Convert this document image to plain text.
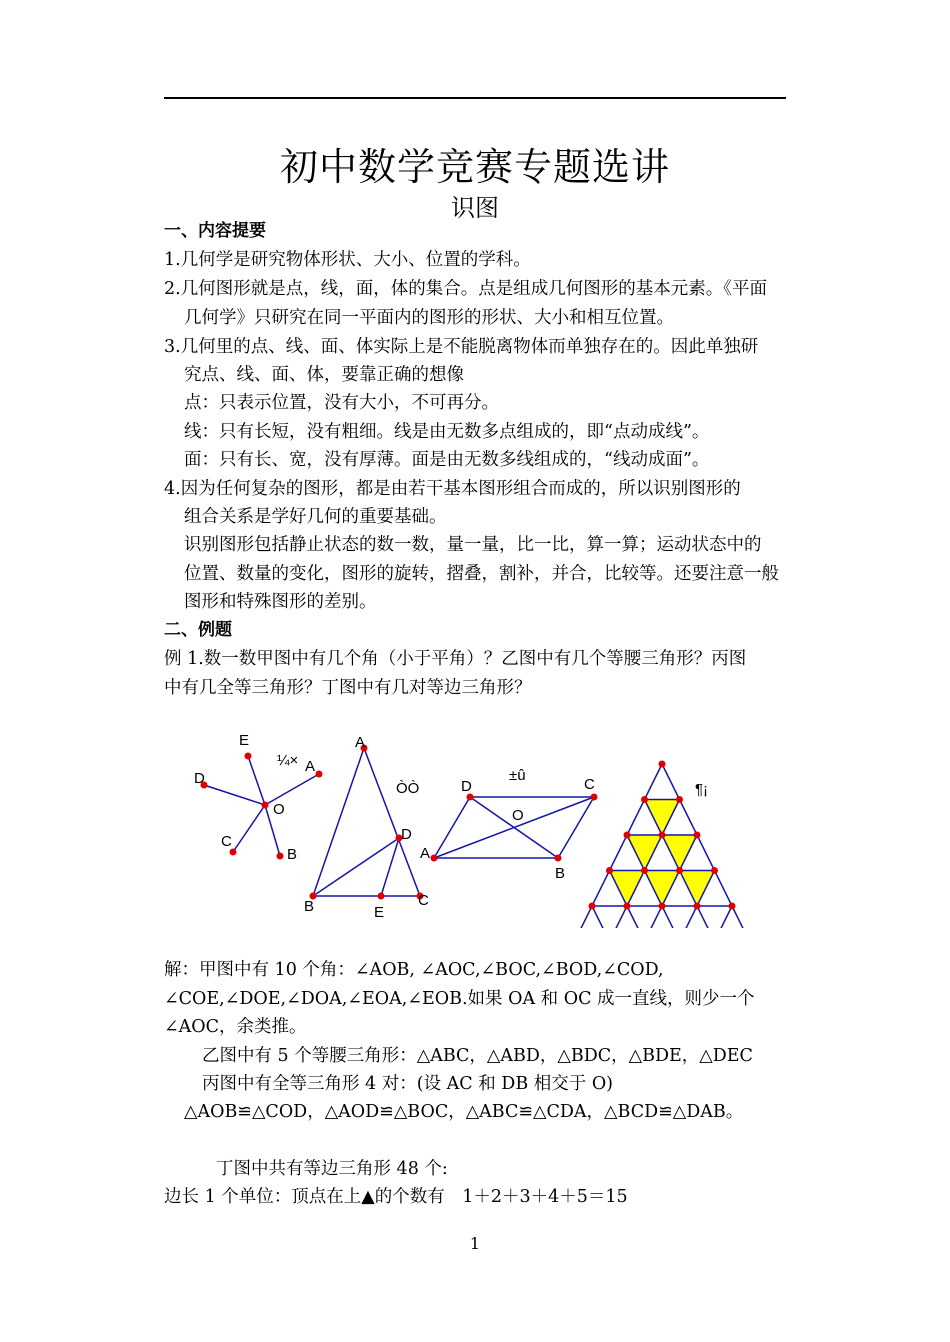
初中数学竞赛专题选讲
识图
一、内容提要
1.几何学是研究物体形状、大小、位置的学科。
2.几何图形就是点，线，面，体的集合。点是组成几何图形的基本元素。《平面
几何学》只研究在同一平面内的图形的形状、大小和相互位置。
3.几何里的点、线、面、体实际上是不能脱离物体而单独存在的。因此单独研
究点、线、面、体，要靠正确的想像
点：只表示位置，没有大小，不可再分。
线：只有长短，没有粗细。线是由无数多点组成的，即“点动成线”。
面：只有长、宽，没有厚薄。面是由无数多线组成的，“线动成面”。
4.因为任何复杂的图形，都是由若干基本图形组合而成的，所以识别图形的
组合关系是学好几何的重要基础。
识别图形包括静止状态的数一数，量一量，比一比，算一算；运动状态中的
位置、数量的变化，图形的旋转，摺叠，割补，并合，比较等。还要注意一般
图形和特殊图形的差别。
二、例题
例 1.数一数甲图中有几个角（小于平角）？乙图中有几个等腰三角形？丙图
中有几全等三角形？丁图中有几对等边三角形？
¼×
E
A
D
O
C
B
ÒÒ
A
D
B	E
C
±û
D	C
O
A
B
¶¡
解：甲图中有 10 个角：∠AOB, ∠AOC,∠BOC,∠BOD,∠COD,
∠COE,∠DOE,∠DOA,∠EOA,∠EOB.如果 OA 和 OC 成一直线，则少一个
∠AOC，余类推。
乙图中有 5 个等腰三角形：△ABC，△ABD，△BDC，△BDE，△DEC
丙图中有全等三角形 4 对：(设 AC 和 DB 相交于 O)
△AOB≌△COD，△AOD≌△BOC，△ABC≌△CDA，△BCD≌△DAB。
丁图中共有等边三角形 48 个:
边长 1 个单位：顶点在上▲的个数有　1＋2＋3＋4＋5＝15
1
